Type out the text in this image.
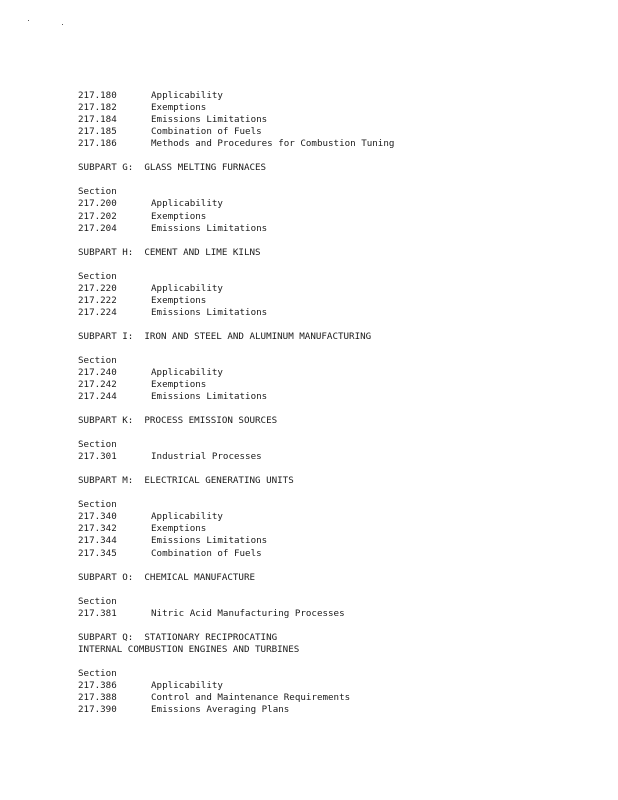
217.180	Applicability
217.182	Exemptions
217.184	Emissions Limitations
217.185	Combination of Fuels
217.186	Methods and Procedures for Combustion Tuning
SUBPART G:  GLASS MELTING FURNACES
Section
217.200	Applicability
217.202	Exemptions
217.204	Emissions Limitations
SUBPART H:  CEMENT AND LIME KILNS
Section
217.220	Applicability
217.222	Exemptions
217.224	Emissions Limitations
SUBPART I:  IRON AND STEEL AND ALUMINUM MANUFACTURING
Section
217.240	Applicability
217.242	Exemptions
217.244	Emissions Limitations
SUBPART K:  PROCESS EMISSION SOURCES
Section
217.301	Industrial Processes
SUBPART M:  ELECTRICAL GENERATING UNITS
Section
217.340	Applicability
217.342	Exemptions
217.344	Emissions Limitations
217.345	Combination of Fuels
SUBPART O:  CHEMICAL MANUFACTURE
Section
217.381	Nitric Acid Manufacturing Processes
SUBPART Q:  STATIONARY RECIPROCATING
INTERNAL COMBUSTION ENGINES AND TURBINES
Section
217.386	Applicability
217.388	Control and Maintenance Requirements
217.390	Emissions Averaging Plans
